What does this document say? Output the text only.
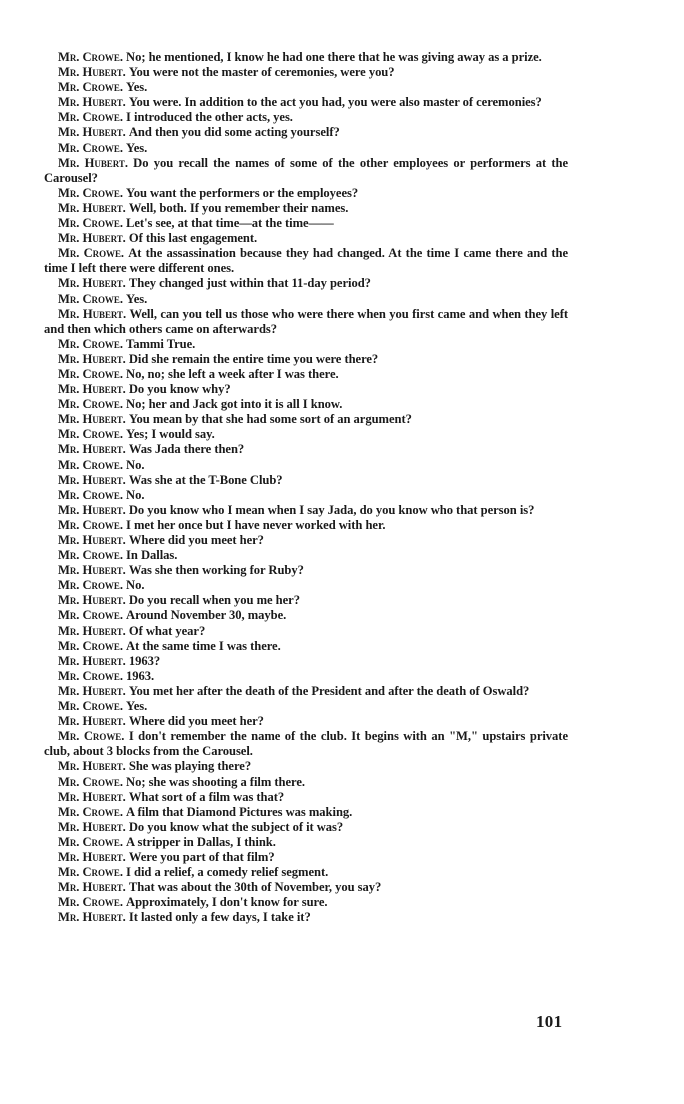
Mr. Crowe. No; he mentioned, I know he had one there that he was giving away as a prize.

Mr. Hubert. You were not the master of ceremonies, were you?

Mr. Crowe. Yes.

Mr. Hubert. You were. In addition to the act you had, you were also master of ceremonies?

Mr. Crowe. I introduced the other acts, yes.

Mr. Hubert. And then you did some acting yourself?

Mr. Crowe. Yes.

Mr. Hubert. Do you recall the names of some of the other employees or performers at the Carousel?

Mr. Crowe. You want the performers or the employees?

Mr. Hubert. Well, both. If you remember their names.

Mr. Crowe. Let's see, at that time—at the time——

Mr. Hubert. Of this last engagement.

Mr. Crowe. At the assassination because they had changed. At the time I came there and the time I left there were different ones.

Mr. Hubert. They changed just within that 11-day period?

Mr. Crowe. Yes.

Mr. Hubert. Well, can you tell us those who were there when you first came and when they left and then which others came on afterwards?

Mr. Crowe. Tammi True.

Mr. Hubert. Did she remain the entire time you were there?

Mr. Crowe. No, no; she left a week after I was there.

Mr. Hubert. Do you know why?

Mr. Crowe. No; her and Jack got into it is all I know.

Mr. Hubert. You mean by that she had some sort of an argument?

Mr. Crowe. Yes; I would say.

Mr. Hubert. Was Jada there then?

Mr. Crowe. No.

Mr. Hubert. Was she at the T-Bone Club?

Mr. Crowe. No.

Mr. Hubert. Do you know who I mean when I say Jada, do you know who that person is?

Mr. Crowe. I met her once but I have never worked with her.

Mr. Hubert. Where did you meet her?

Mr. Crowe. In Dallas.

Mr. Hubert. Was she then working for Ruby?

Mr. Crowe. No.

Mr. Hubert. Do you recall when you me her?

Mr. Crowe. Around November 30, maybe.

Mr. Hubert. Of what year?

Mr. Crowe. At the same time I was there.

Mr. Hubert. 1963?

Mr. Crowe. 1963.

Mr. Hubert. You met her after the death of the President and after the death of Oswald?

Mr. Crowe. Yes.

Mr. Hubert. Where did you meet her?

Mr. Crowe. I don't remember the name of the club. It begins with an "M," upstairs private club, about 3 blocks from the Carousel.

Mr. Hubert. She was playing there?

Mr. Crowe. No; she was shooting a film there.

Mr. Hubert. What sort of a film was that?

Mr. Crowe. A film that Diamond Pictures was making.

Mr. Hubert. Do you know what the subject of it was?

Mr. Crowe. A stripper in Dallas, I think.

Mr. Hubert. Were you part of that film?

Mr. Crowe. I did a relief, a comedy relief segment.

Mr. Hubert. That was about the 30th of November, you say?

Mr. Crowe. Approximately, I don't know for sure.

Mr. Hubert. It lasted only a few days, I take it?

101
